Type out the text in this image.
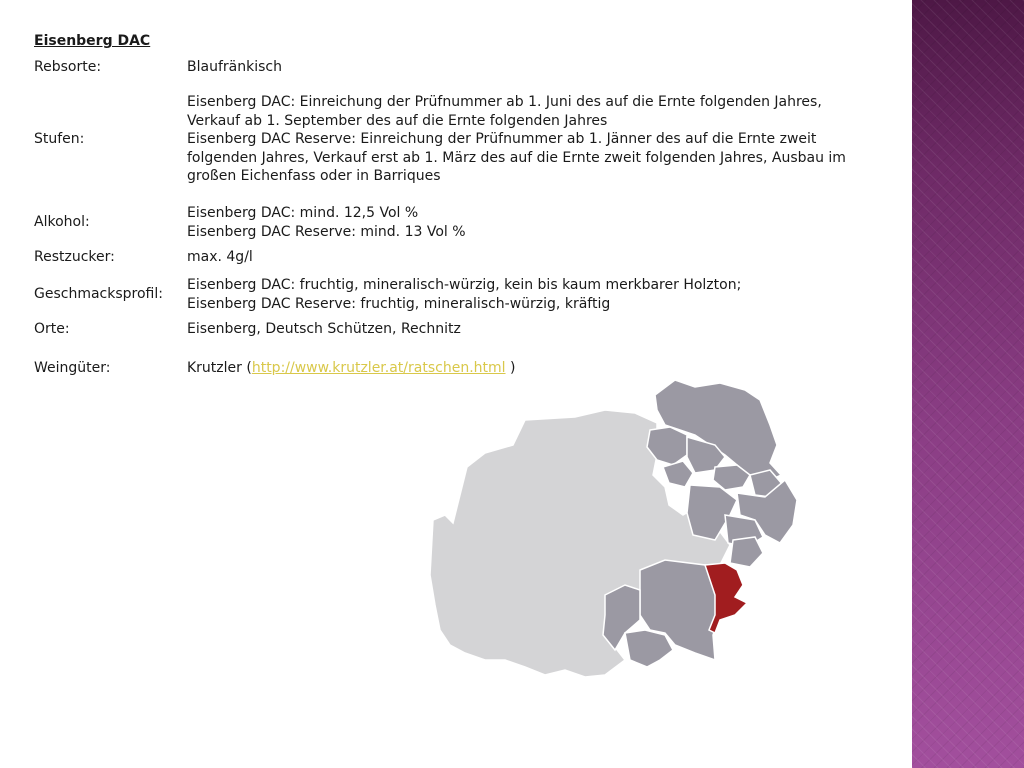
Eisenberg DAC
Rebsorte:	Blaufränkisch
Stufen:
Eisenberg DAC: Einreichung der Prüfnummer ab 1. Juni des auf die Ernte folgenden Jahres,
Verkauf ab 1. September des auf die Ernte folgenden Jahres
Eisenberg DAC Reserve: Einreichung der Prüfnummer ab 1. Jänner des auf die Ernte zweit
folgenden Jahres, Verkauf erst ab 1. März des auf die Ernte zweit folgenden Jahres, Ausbau im
großen Eichenfass oder in Barriques
Alkohol:
Eisenberg DAC: mind. 12,5 Vol %
Eisenberg DAC Reserve: mind. 13 Vol %
Restzucker:	max. 4g/l
Geschmacksprofil:
Eisenberg DAC: fruchtig, mineralisch-würzig, kein bis kaum merkbarer Holzton;
Eisenberg DAC Reserve: fruchtig, mineralisch-würzig, kräftig
Orte:	Eisenberg, Deutsch Schützen, Rechnitz
Weingüter:	Krutzler (http://www.krutzler.at/ratschen.html )
